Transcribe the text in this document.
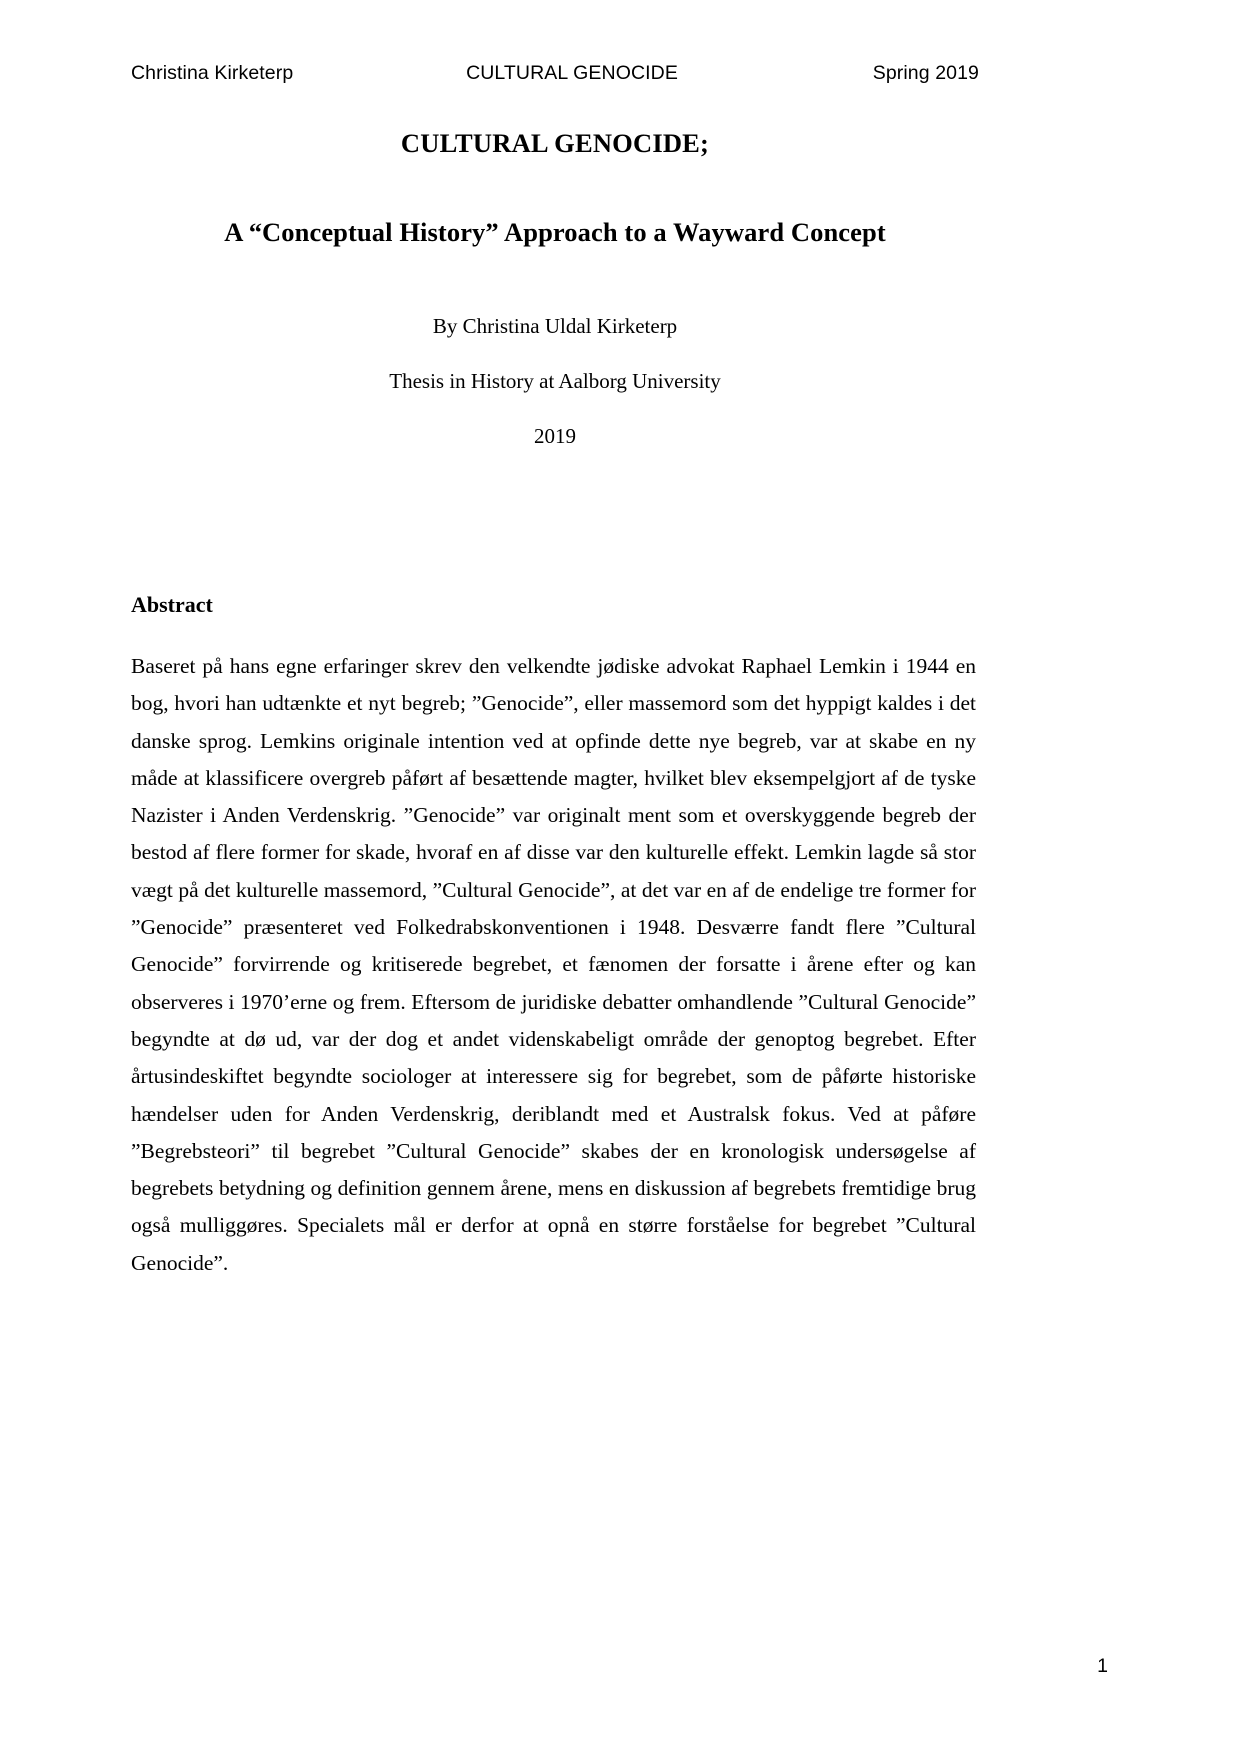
Christina Kirketerp	CULTURAL GENOCIDE	Spring 2019
CULTURAL GENOCIDE;
A “Conceptual History” Approach to a Wayward Concept

By Christina Uldal Kirketerp

Thesis in History at Aalborg University

2019

Abstract

Baseret på hans egne erfaringer skrev den velkendte jødiske advokat Raphael Lemkin i 1944 en bog, hvori han udtænkte et nyt begreb; ”Genocide”, eller massemord som det hyppigt kaldes i det danske sprog. Lemkins originale intention ved at opfinde dette nye begreb, var at skabe en ny måde at klassificere overgreb påført af besættende magter, hvilket blev eksempelgjort af de tyske Nazister i Anden Verdenskrig. ”Genocide” var originalt ment som et overskyggende begreb der bestod af flere former for skade, hvoraf en af disse var den kulturelle effekt. Lemkin lagde så stor vægt på det kulturelle massemord, ”Cultural Genocide”, at det var en af de endelige tre former for ”Genocide” præsenteret ved Folkedrabskonventionen i 1948. Desværre fandt flere ”Cultural Genocide” forvirrende og kritiserede begrebet, et fænomen der forsatte i årene efter og kan observeres i 1970’erne og frem. Eftersom de juridiske debatter omhandlende ”Cultural Genocide” begyndte at dø ud, var der dog et andet videnskabeligt område der genoptog begrebet. Efter årtusindeskiftet begyndte sociologer at interessere sig for begrebet, som de påførte historiske hændelser uden for Anden Verdenskrig, deriblandt med et Australsk fokus. Ved at påføre ”Begrebsteori” til begrebet ”Cultural Genocide” skabes der en kronologisk undersøgelse af begrebets betydning og definition gennem årene, mens en diskussion af begrebets fremtidige brug også mulliggøres. Specialets mål er derfor at opnå en større forståelse for begrebet ”Cultural Genocide”.

1
